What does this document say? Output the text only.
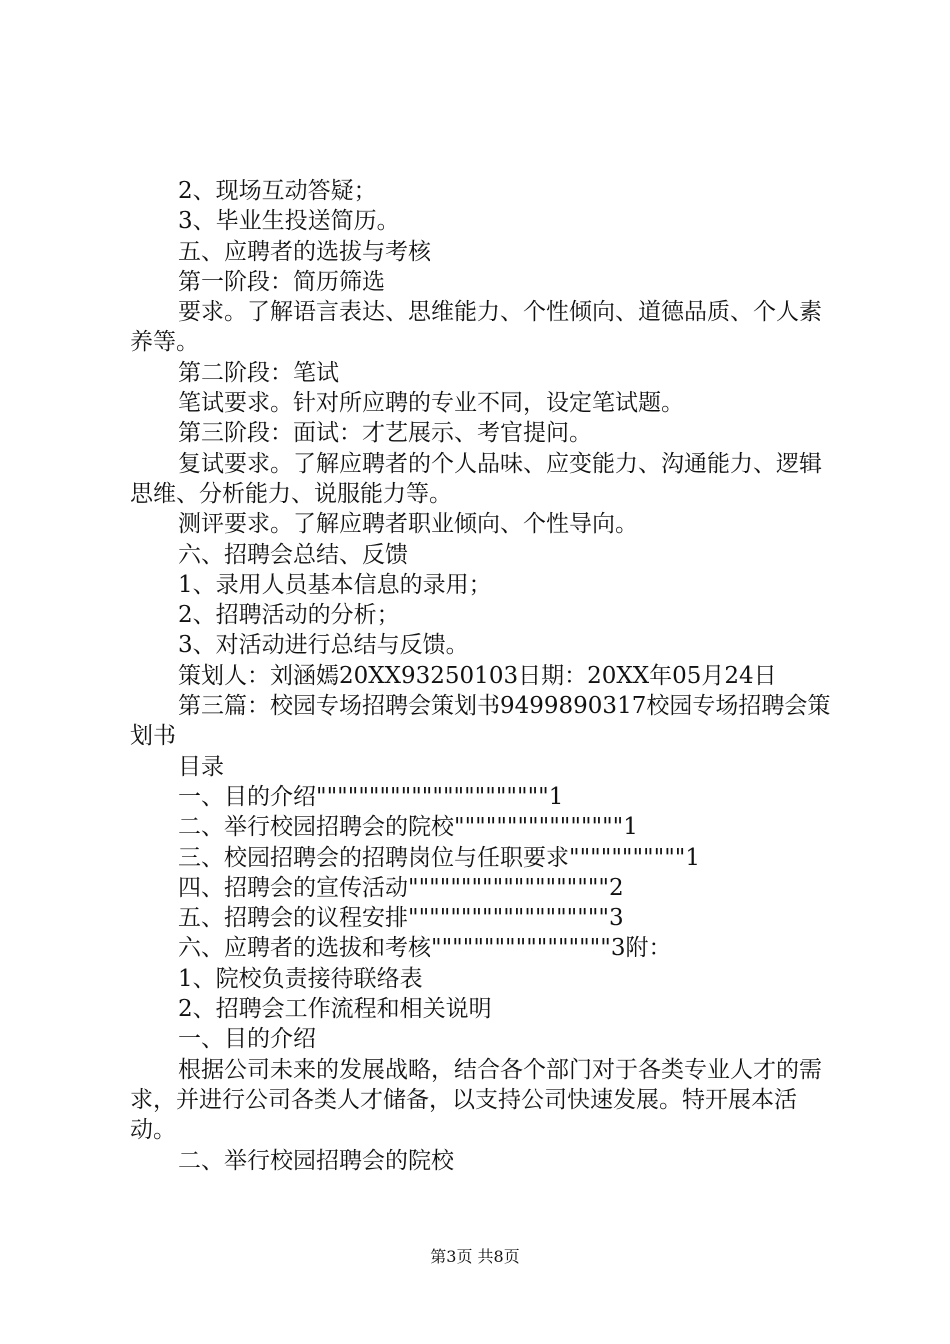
2、现场互动答疑；

3、毕业生投送简历。

五、应聘者的选拔与考核

第一阶段：简历筛选

要求。了解语言表达、思维能力、个性倾向、道德品质、个人素养等。

第二阶段：笔试

笔试要求。针对所应聘的专业不同，设定笔试题。

第三阶段：面试：才艺展示、考官提问。

复试要求。了解应聘者的个人品味、应变能力、沟通能力、逻辑思维、分析能力、说服能力等。

测评要求。了解应聘者职业倾向、个性导向。

六、招聘会总结、反馈

1、录用人员基本信息的录用；

2、招聘活动的分析；

3、对活动进行总结与反馈。

策划人：刘涵嫣20XX93250103日期：20XX年05月24日

第三篇：校园专场招聘会策划书9499890317校园专场招聘会策划书

目录

一、目的介绍""""""""""""""""""""""1

二、举行校园招聘会的院校""""""""""""""""1

三、校园招聘会的招聘岗位与任职要求"""""""""""1

四、招聘会的宣传活动"""""""""""""""""""2

五、招聘会的议程安排"""""""""""""""""""3

六、应聘者的选拔和考核"""""""""""""""""3附：

1、院校负责接待联络表

2、招聘会工作流程和相关说明

一、目的介绍

根据公司未来的发展战略，结合各个部门对于各类专业人才的需求，并进行公司各类人才储备，以支持公司快速发展。特开展本活动。

二、举行校园招聘会的院校

第3页 共8页
